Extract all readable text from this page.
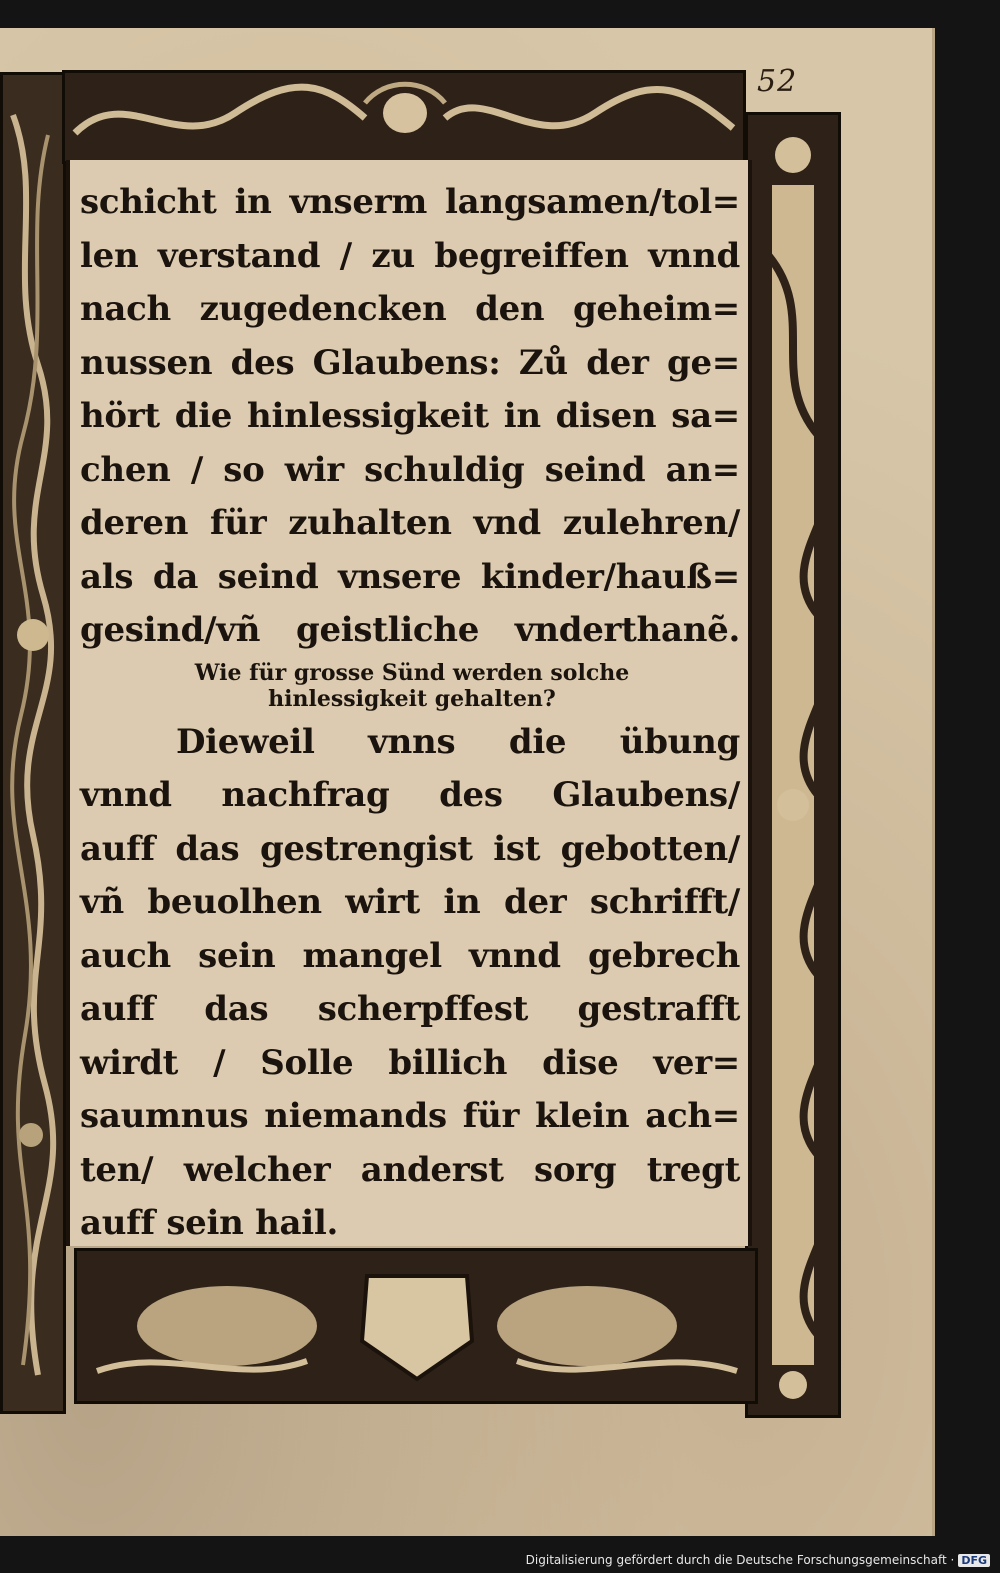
52
schicht in vnserm langsamen/tol=
len verstand / zu begreiffen vnnd
nach zugedencken den geheim=
nussen des Glaubens: Zů der ge=
hört die hinlessigkeit in disen sa=
chen / so wir schuldig seind an=
deren für zuhalten vnd zulehren/
als da seind vnsere kinder/hauß=
gesind/vñ geistliche vnderthanẽ.
Wie für grosse Sünd werden solche
hinlessigkeit gehalten?
Dieweil vnns die übung
vnnd nachfrag des Glaubens/
auff das gestrengist ist gebotten/
vñ beuolhen wirt in der schrifft/
auch sein mangel vnnd gebrech
auff das scherpffest gestrafft
wirdt / Solle billich dise ver=
saumnus niemands für klein ach=
ten/ welcher anderst sorg tregt
auff sein hail.
Digitalisierung gefördert durch die Deutsche Forschungsgemeinschaft · DFG
